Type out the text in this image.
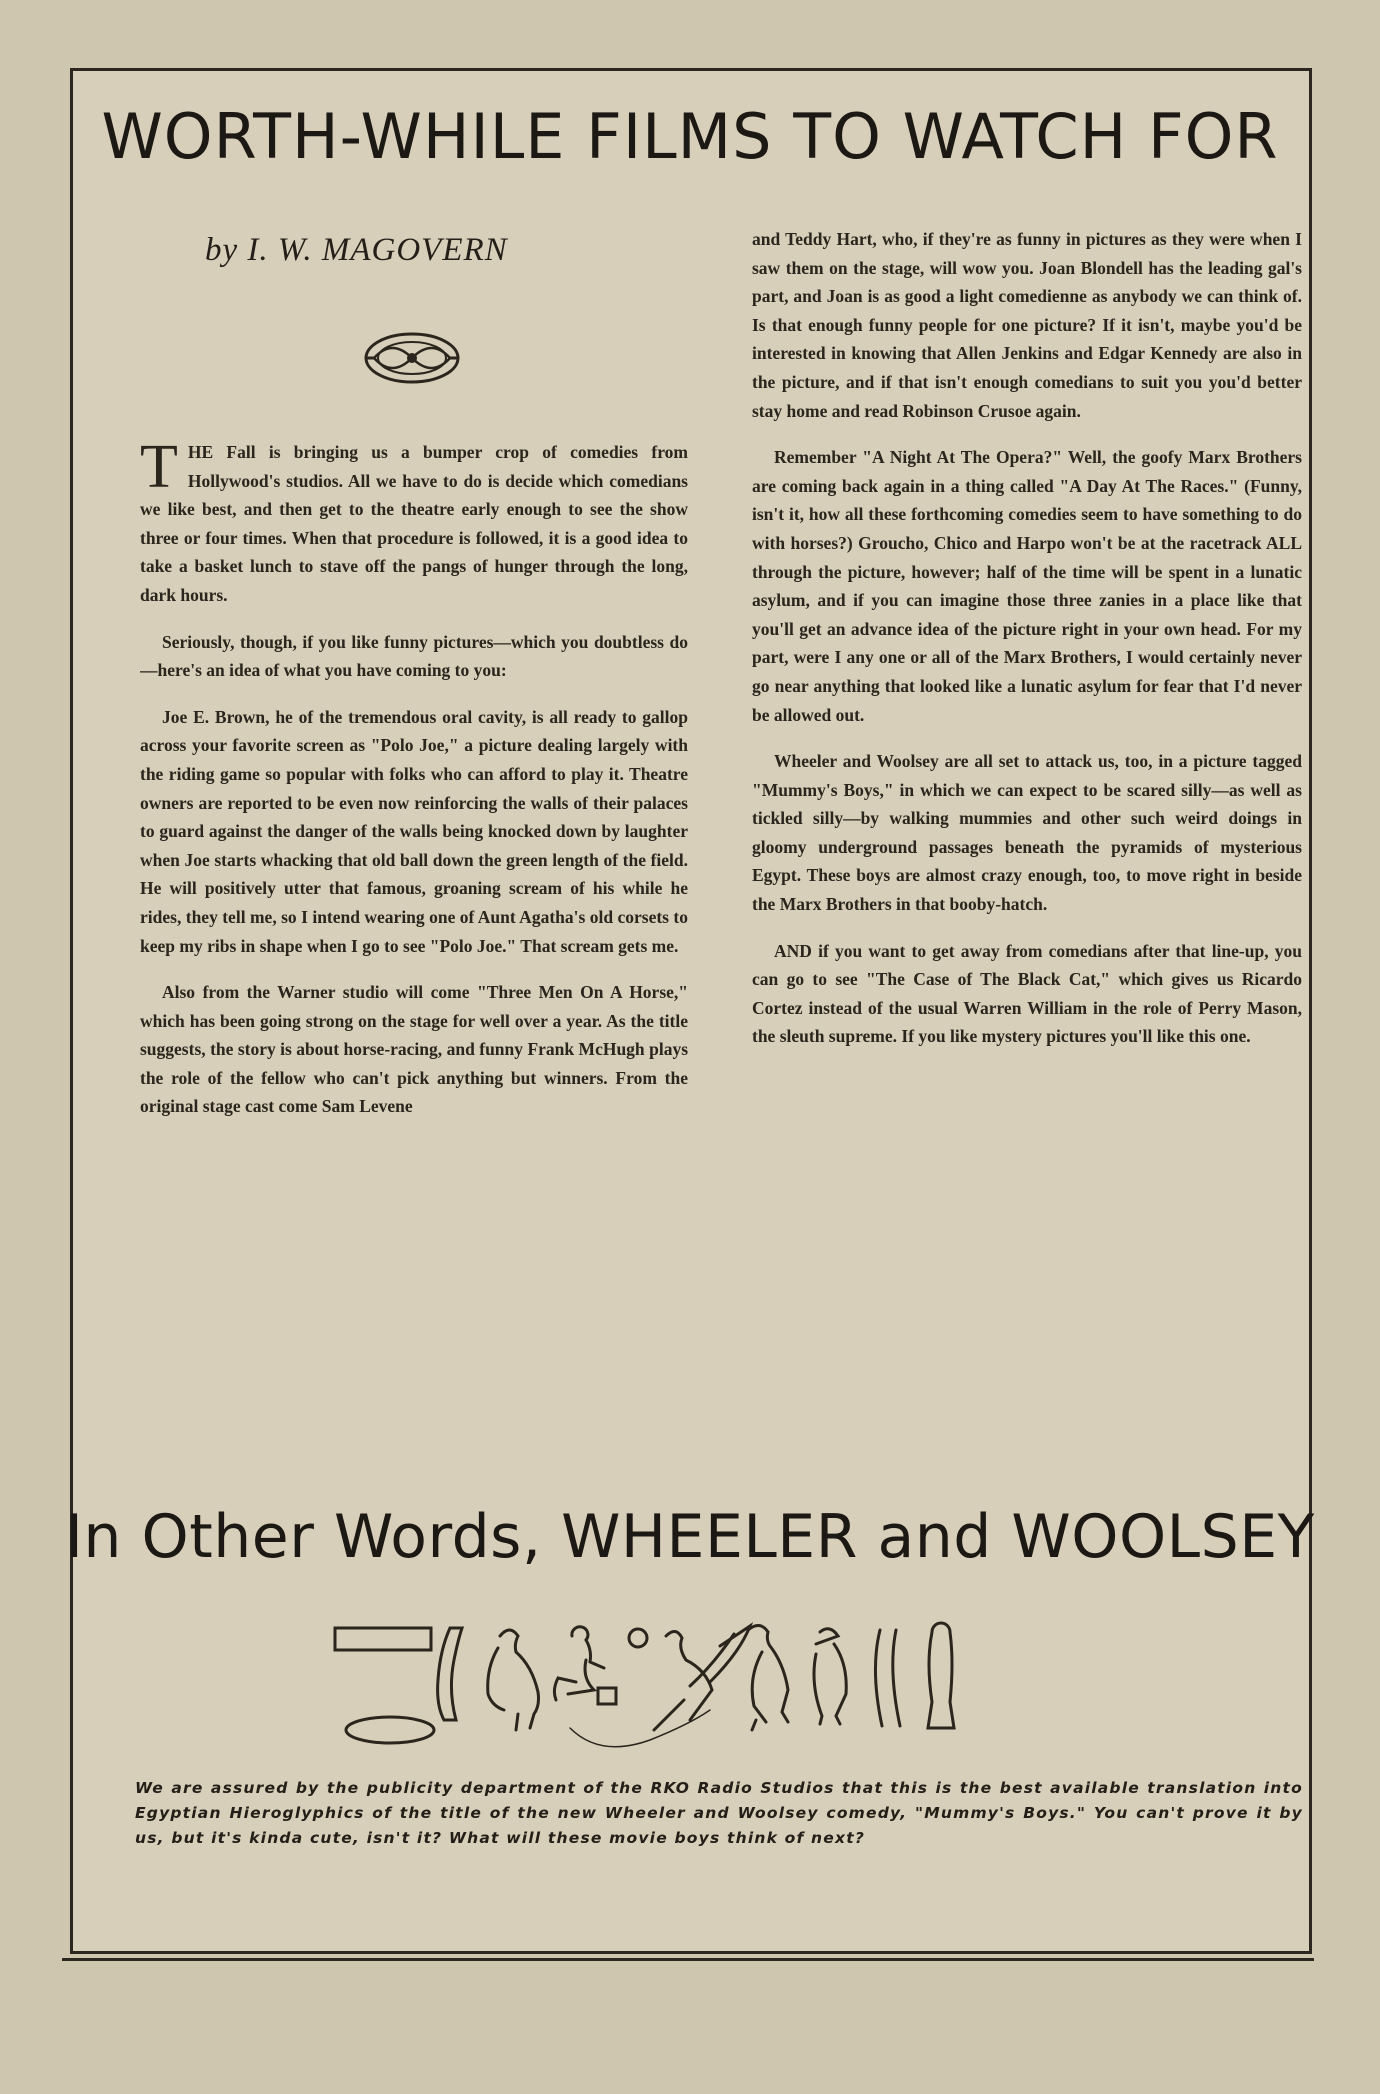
WORTH-WHILE FILMS TO WATCH FOR
by I. W. MAGOVERN

THE Fall is bringing us a bumper crop of comedies from Hollywood's studios. All we have to do is decide which comedians we like best, and then get to the theatre early enough to see the show three or four times. When that procedure is followed, it is a good idea to take a basket lunch to stave off the pangs of hunger through the long, dark hours.

Seriously, though, if you like funny pictures—which you doubtless do—here's an idea of what you have coming to you:

Joe E. Brown, he of the tremendous oral cavity, is all ready to gallop across your favorite screen as "Polo Joe," a picture dealing largely with the riding game so popular with folks who can afford to play it. Theatre owners are reported to be even now reinforcing the walls of their palaces to guard against the danger of the walls being knocked down by laughter when Joe starts whacking that old ball down the green length of the field. He will positively utter that famous, groaning scream of his while he rides, they tell me, so I intend wearing one of Aunt Agatha's old corsets to keep my ribs in shape when I go to see "Polo Joe." That scream gets me.

Also from the Warner studio will come "Three Men On A Horse," which has been going strong on the stage for well over a year. As the title suggests, the story is about horse-racing, and funny Frank McHugh plays the role of the fellow who can't pick anything but winners. From the original stage cast come Sam Levene

and Teddy Hart, who, if they're as funny in pictures as they were when I saw them on the stage, will wow you. Joan Blondell has the leading gal's part, and Joan is as good a light comedienne as anybody we can think of. Is that enough funny people for one picture? If it isn't, maybe you'd be interested in knowing that Allen Jenkins and Edgar Kennedy are also in the picture, and if that isn't enough comedians to suit you you'd better stay home and read Robinson Crusoe again.

Remember "A Night At The Opera?" Well, the goofy Marx Brothers are coming back again in a thing called "A Day At The Races." (Funny, isn't it, how all these forthcoming comedies seem to have something to do with horses?) Groucho, Chico and Harpo won't be at the racetrack ALL through the picture, however; half of the time will be spent in a lunatic asylum, and if you can imagine those three zanies in a place like that you'll get an advance idea of the picture right in your own head. For my part, were I any one or all of the Marx Brothers, I would certainly never go near anything that looked like a lunatic asylum for fear that I'd never be allowed out.

Wheeler and Woolsey are all set to attack us, too, in a picture tagged "Mummy's Boys," in which we can expect to be scared silly—as well as tickled silly—by walking mummies and other such weird doings in gloomy underground passages beneath the pyramids of mysterious Egypt. These boys are almost crazy enough, too, to move right in beside the Marx Brothers in that booby-hatch.

AND if you want to get away from comedians after that line-up, you can go to see "The Case of The Black Cat," which gives us Ricardo Cortez instead of the usual Warren William in the role of Perry Mason, the sleuth supreme. If you like mystery pictures you'll like this one.

In Other Words, WHEELER and WOOLSEY
We are assured by the publicity department of the RKO Radio Studios that this is the best available translation into Egyptian Hieroglyphics of the title of the new Wheeler and Woolsey comedy, "Mummy's Boys." You can't prove it by us, but it's kinda cute, isn't it? What will these movie boys think of next?
